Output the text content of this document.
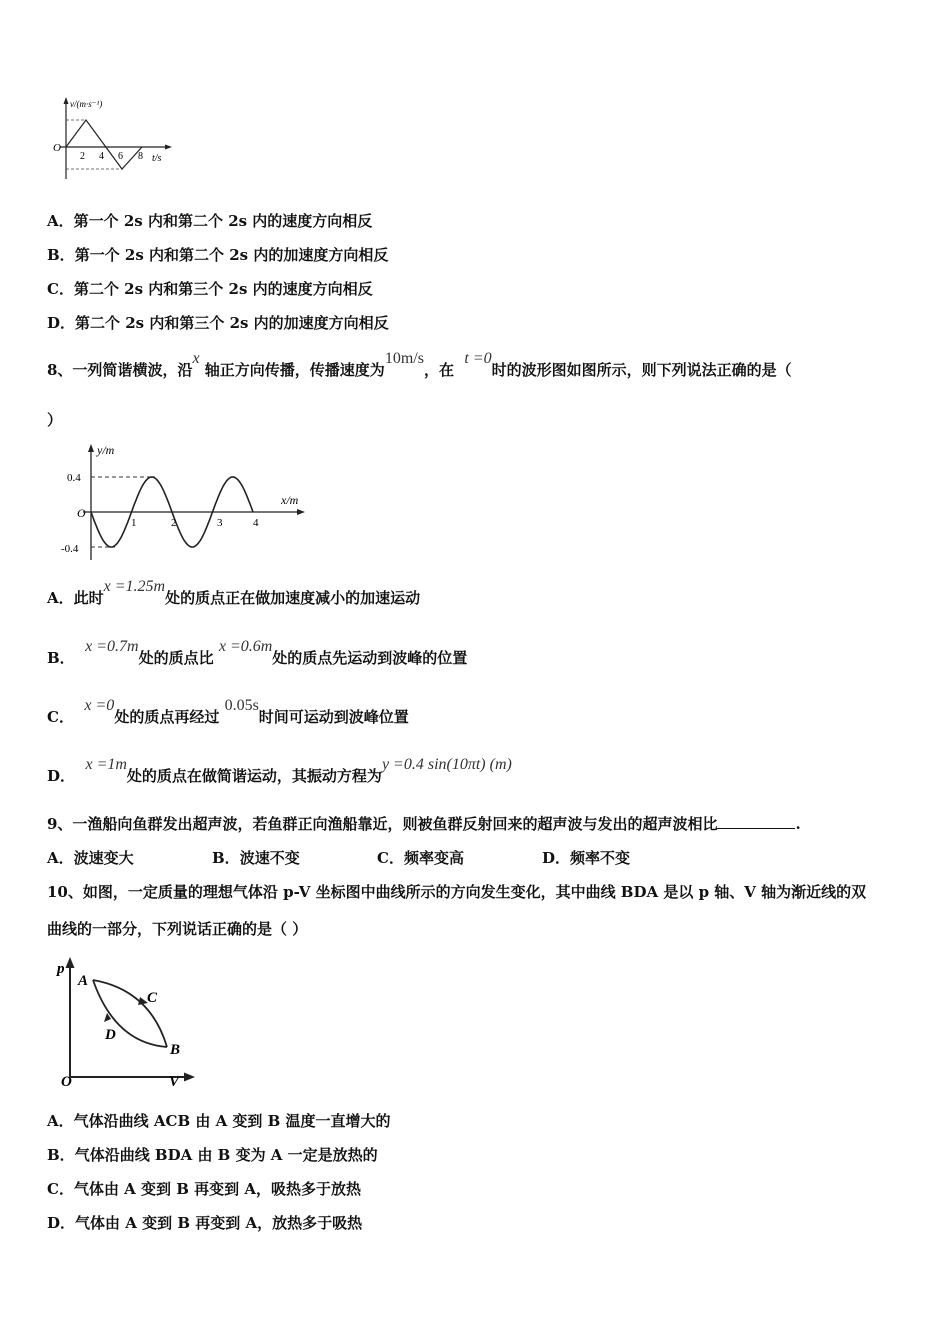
v/(m·s⁻¹)
O
2 4 6 8 t/s
A．第一个 2s 内和第二个 2s 内的速度方向相反
B．第一个 2s 内和第二个 2s 内的加速度方向相反
C．第二个 2s 内和第三个 2s 内的速度方向相反
D．第二个 2s 内和第三个 2s 内的加速度方向相反
8、一列简谐横波，沿x 轴正方向传播，传播速度为10m/s，在  t =0时的波形图如图所示，则下列说法正确的是（
）
y/m
x/m
O
0.4
-0.4
1	2	3	4
A．此时x =1.25m处的质点正在做加速度减小的加速运动
B．  x =0.7m处的质点比 x =0.6m处的质点先运动到波峰的位置
C．  x =0处的质点再经过 0.05s时间可运动到波峰位置
D．  x =1m处的质点在做简谐运动，其振动方程为y =0.4 sin(10πt) (m)
9、一渔船向鱼群发出超声波，若鱼群正向渔船靠近，则被鱼群反射回来的超声波与发出的超声波相比	.
A．波速变大	B．波速不变	C．频率变高	D．频率不变
10、如图，一定质量的理想气体沿 p-V 坐标图中曲线所示的方向发生变化，其中曲线 BDA 是以 p 轴、V 轴为渐近线的双
曲线的一部分，下列说话正确的是（ ）
p
V
O
A
B
C
D
A．气体沿曲线 ACB 由 A 变到 B 温度一直增大的
B．气体沿曲线 BDA 由 B 变为 A 一定是放热的
C．气体由 A 变到 B 再变到 A，吸热多于放热
D．气体由 A 变到 B 再变到 A，放热多于吸热
